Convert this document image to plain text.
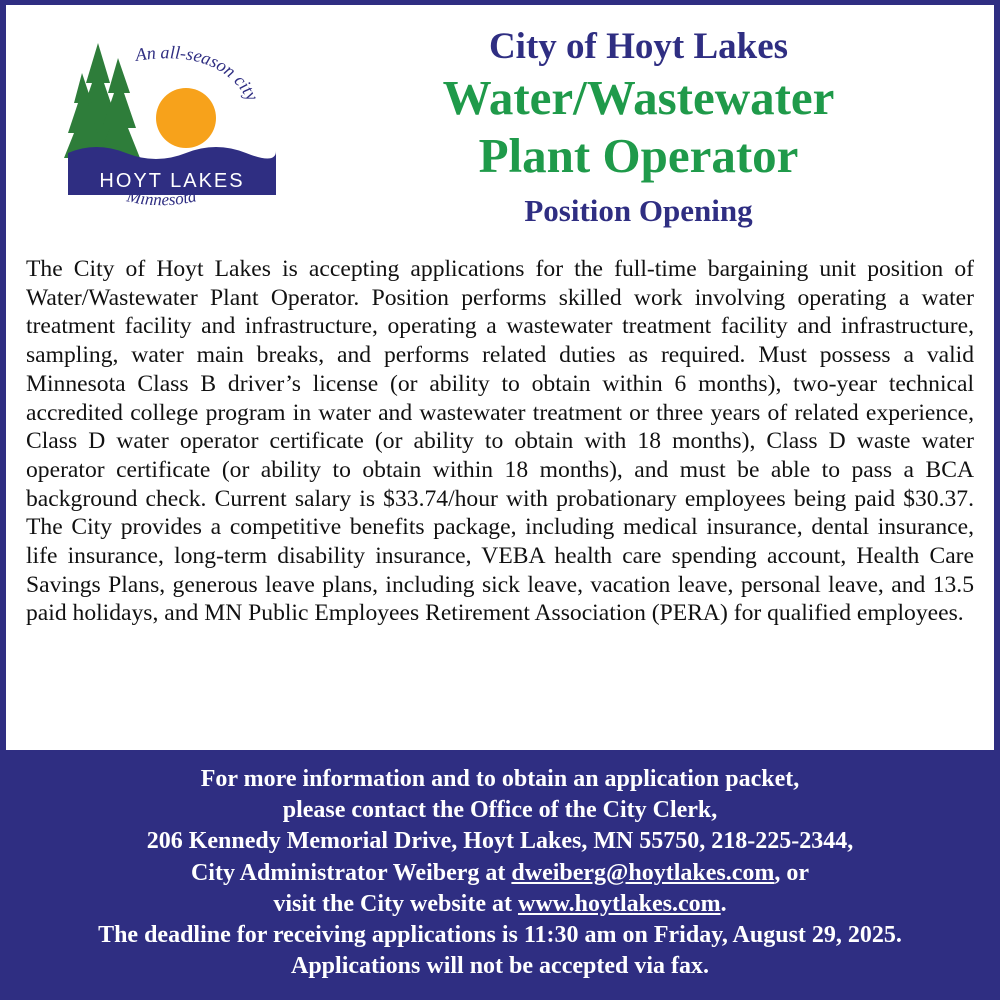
HOYT LAKES
An all-season city
Minnesota
City of Hoyt Lakes
Water/Wastewater
Plant Operator
Position Opening

The City of Hoyt Lakes is accepting applications for the full-time bargaining unit position of Water/Wastewater Plant Operator. Position performs skilled work involving operating a water treatment facility and infrastructure, operating a wastewater treatment facility and infrastructure, sampling, water main breaks, and performs related duties as required. Must possess a valid Minnesota Class B driver’s license (or ability to obtain within 6 months), two-year technical accredited college program in water and wastewater treatment or three years of related experience, Class D water operator certificate (or ability to obtain with 18 months), Class D waste water operator certificate (or ability to obtain within 18 months), and must be able to pass a BCA background check. Current salary is $33.74/hour with probationary employees being paid $30.37. The City provides a competitive benefits package, including medical insurance, dental insurance, life insurance, long-term disability insurance, VEBA health care spending account, Health Care Savings Plans, generous leave plans, including sick leave, vacation leave, personal leave, and 13.5 paid holidays, and MN Public Employees Retirement Association (PERA) for qualified employees.

For more information and to obtain an application packet,
please contact the Office of the City Clerk,
206 Kennedy Memorial Drive, Hoyt Lakes, MN 55750, 218-225-2344,
City Administrator Weiberg at dweiberg@hoytlakes.com, or
visit the City website at www.hoytlakes.com.
The deadline for receiving applications is 11:30 am on Friday, August 29, 2025.
Applications will not be accepted via fax.
